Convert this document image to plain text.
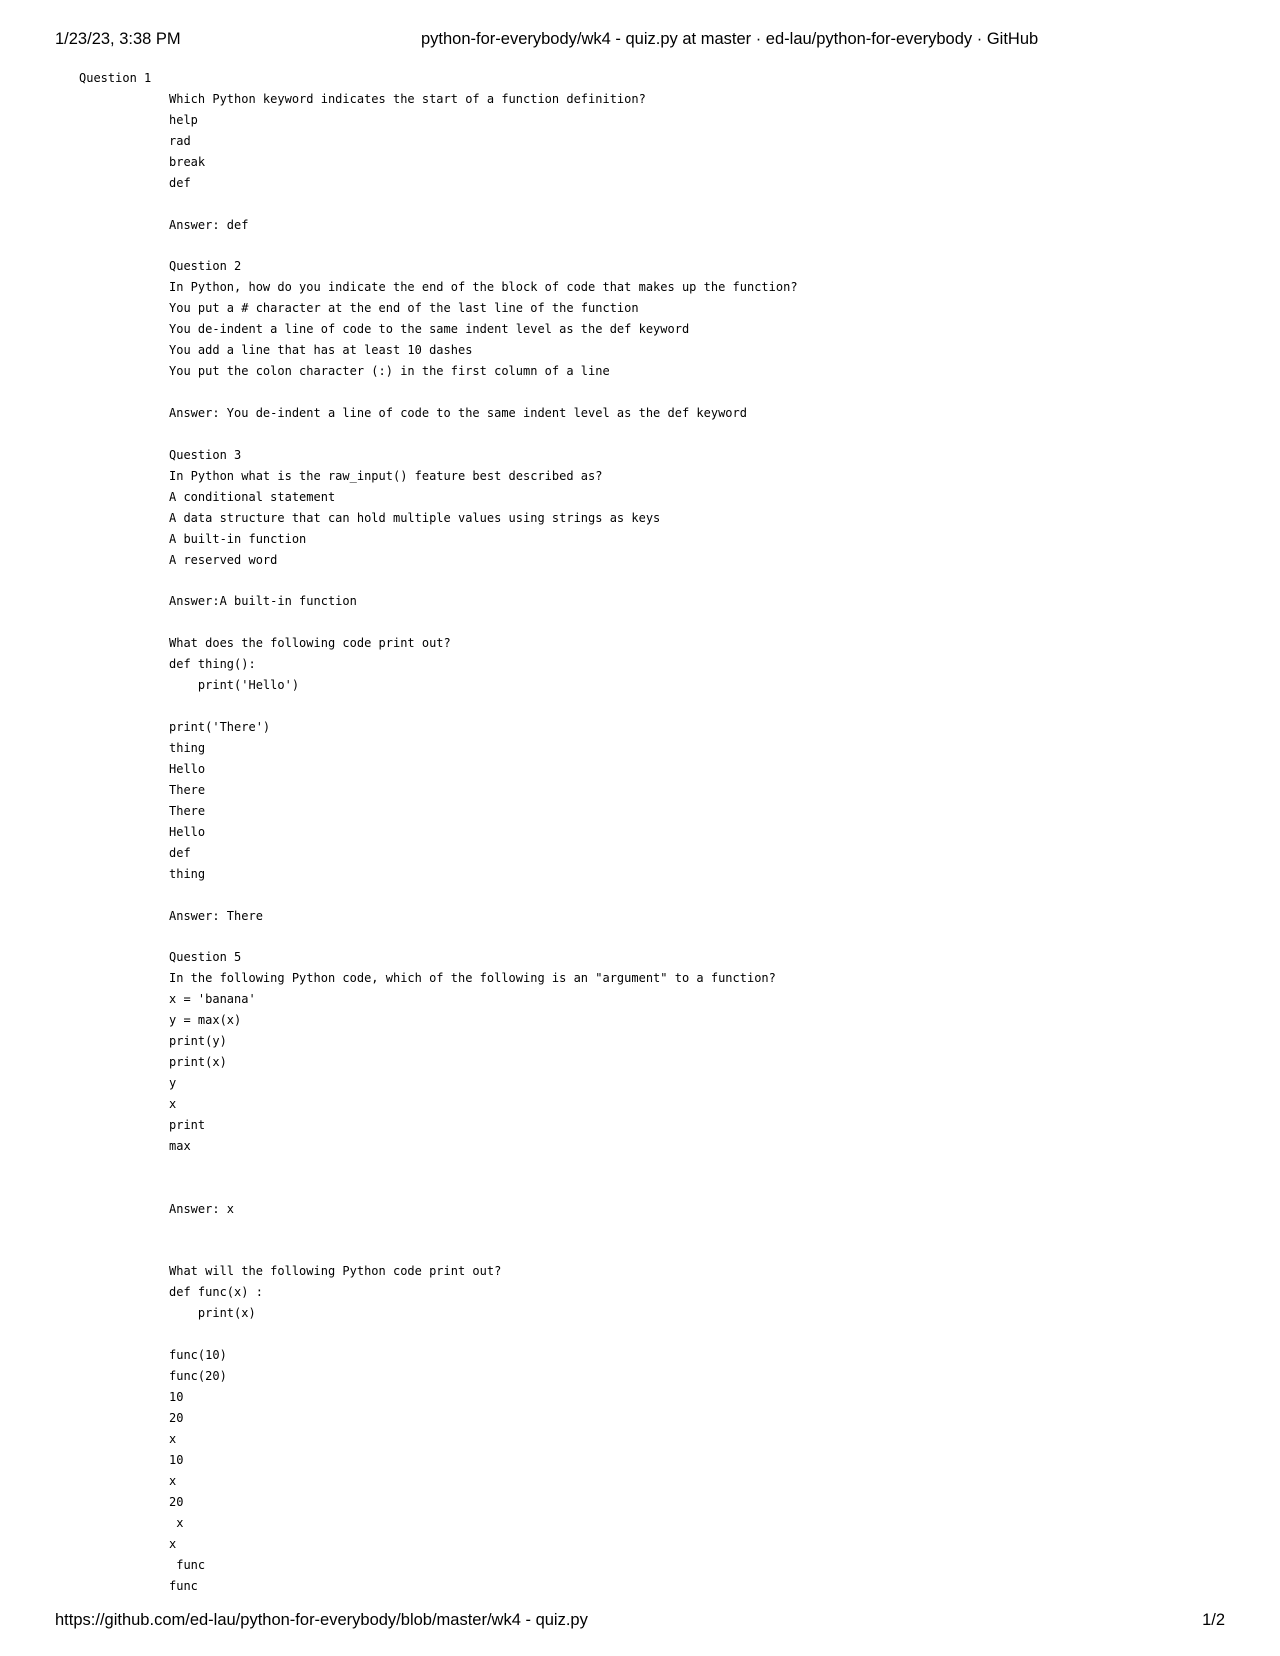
1/23/23, 3:38 PM	python-for-everybody/wk4 - quiz.py at master · ed-lau/python-for-everybody · GitHub
Question 1
Which Python keyword indicates the start of a function definition?
help
rad
break
def
Answer: def
Question 2
In Python, how do you indicate the end of the block of code that makes up the function?
You put a # character at the end of the last line of the function
You de-indent a line of code to the same indent level as the def keyword
You add a line that has at least 10 dashes
You put the colon character (:) in the first column of a line
Answer: You de-indent a line of code to the same indent level as the def keyword
Question 3
In Python what is the raw_input() feature best described as?
A conditional statement
A data structure that can hold multiple values using strings as keys
A built-in function
A reserved word
Answer:A built-in function
What does the following code print out?
def thing():
print('Hello')
print('There')
thing
Hello
There
There
Hello
def
thing
Answer: There
Question 5
In the following Python code, which of the following is an "argument" to a function?
x = 'banana'
y = max(x)
print(y)
print(x)
y
x
print
max
Answer: x
What will the following Python code print out?
def func(x) :
print(x)
func(10)
func(20)
10
20
x
10
x
20
x
x
func
func
https://github.com/ed-lau/python-for-everybody/blob/master/wk4 - quiz.py	1/2
